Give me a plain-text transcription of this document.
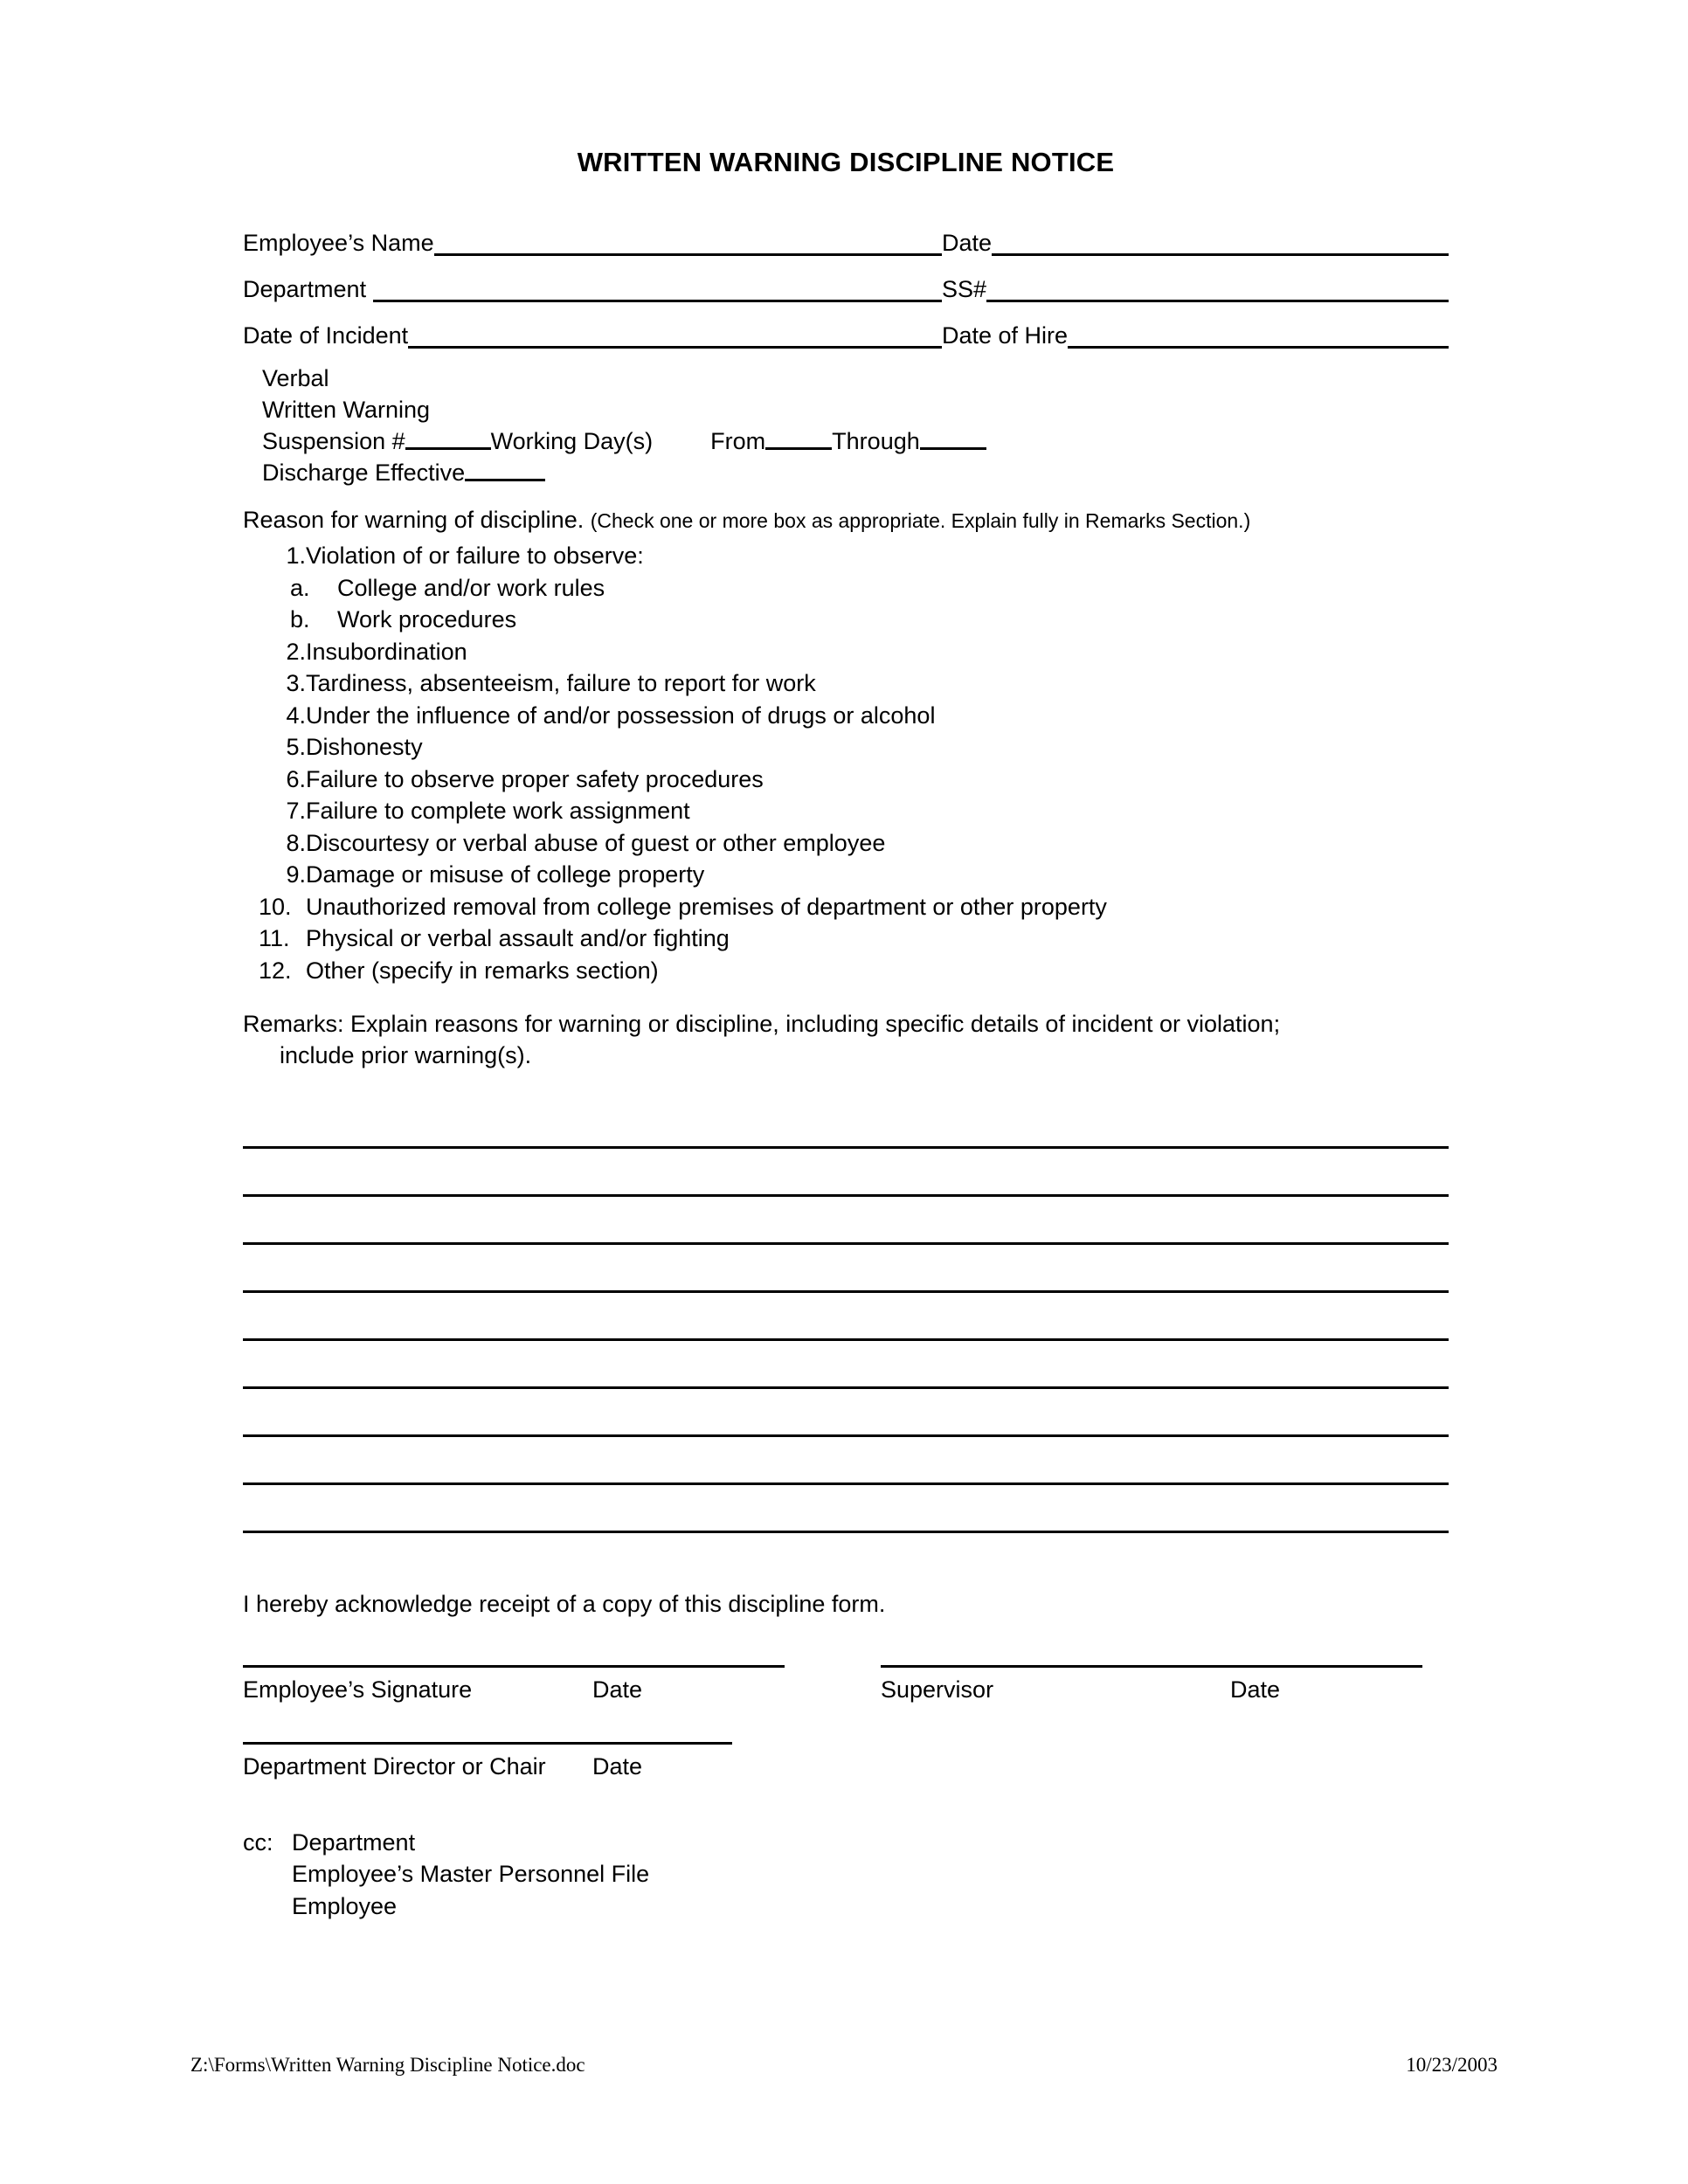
WRITTEN WARNING DISCIPLINE NOTICE
Employee’s Name	Date
Department	SS#
Date of Incident	Date of Hire
Verbal
Written Warning
Suspension #	Working Day(s) From	Through
Discharge Effective
Reason for warning of discipline. (Check one or more box as appropriate. Explain fully in Remarks Section.)
1. Violation of or failure to observe:
a.	College and/or work rules
b.	Work procedures
2. Insubordination
3. Tardiness, absenteeism, failure to report for work
4. Under the influence of and/or possession of drugs or alcohol
5. Dishonesty
6. Failure to observe proper safety procedures
7. Failure to complete work assignment
8. Discourtesy or verbal abuse of guest or other employee
9. Damage or misuse of college property
10. Unauthorized removal from college premises of department or other property
11. Physical or verbal assault and/or fighting
12. Other (specify in remarks section)
Remarks: Explain reasons for warning or discipline, including specific details of incident or violation;
include prior warning(s).
I hereby acknowledge receipt of a copy of this discipline form.
Employee’s Signature	Date	Supervisor	Date
Department Director or Chair	Date
cc: Department
Employee’s Master Personnel File
Employee
Z:\Forms\Written Warning Discipline Notice.doc	10/23/2003
